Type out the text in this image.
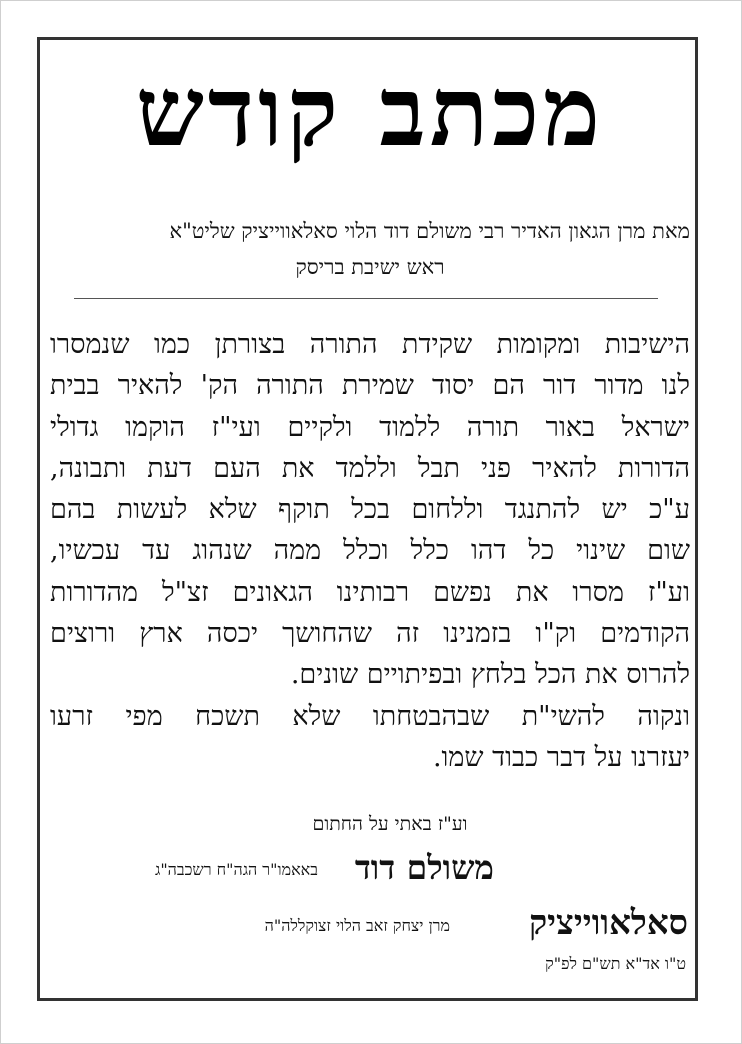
מכתב קודש
מאת מרן הגאון האדיר רבי משולם דוד הלוי סאלאווייציק שליט"א
ראש ישיבת בריסק
הישיבות ומקומות שקידת התורה בצורתן כמו שנמסרו
לנו מדור דור הם יסוד שמירת התורה הק' להאיר בבית
ישראל באור תורה ללמוד ולקיים ועי"ז הוקמו גדולי
הדורות להאיר פני תבל וללמד את העם דעת ותבונה,
ע"כ יש להתנגד וללחום בכל תוקף שלא לעשות בהם
שום שינוי כל דהו כלל וכלל ממה שנהוג עד עכשיו,
וע"ז מסרו את נפשם רבותינו הגאונים זצ"ל מהדורות
הקודמים וק"ו בזמנינו זה שהחושך יכסה ארץ ורוצים
להרוס את הכל בלחץ ובפיתויים שונים.
ונקוה להשי"ת שבהבטחתו שלא תשכח מפי זרעו
יעזרנו על דבר כבוד שמו.
וע"ז באתי על החתום
משולם דוד
באאמו"ר הגה"ח רשכבה"ג
סאלאווייציק
מרן יצחק זאב הלוי זצוקללה"ה
ט"ו אד"א תש"ם לפ"ק
